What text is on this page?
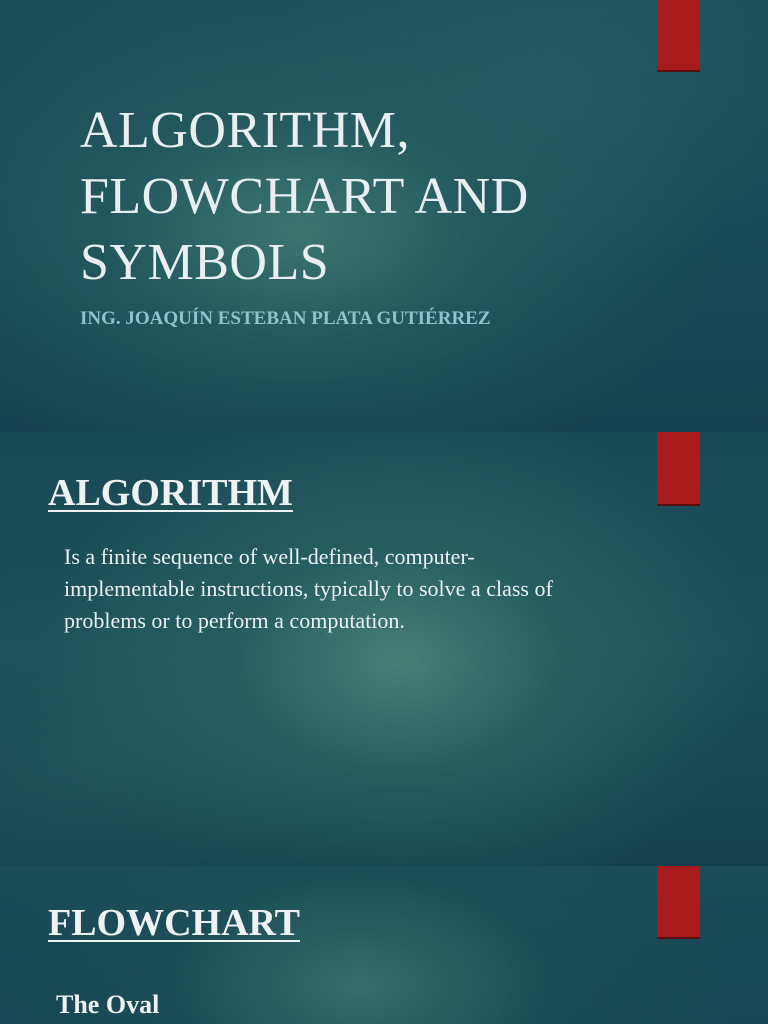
ALGORITHM, FLOWCHART AND SYMBOLS

ING. JOAQUÍN ESTEBAN PLATA GUTIÉRREZ

ALGORITHM

Is a finite sequence of well-defined, computer-implementable instructions, typically to solve a class of problems or to perform a computation.

FLOWCHART

The Oval
